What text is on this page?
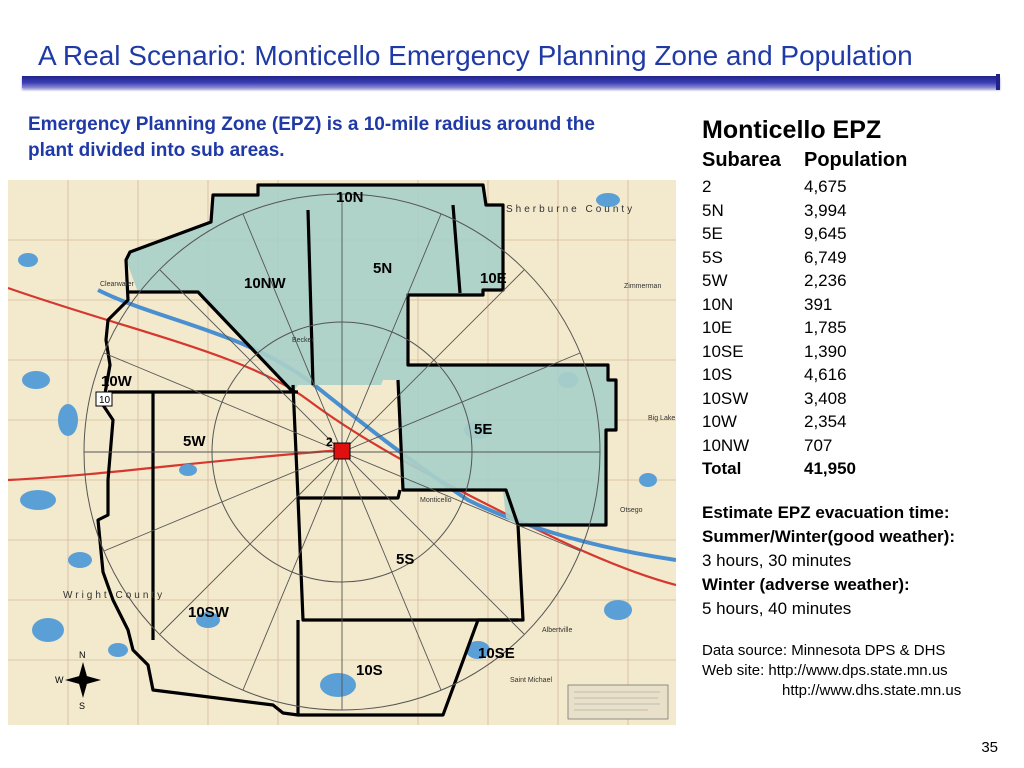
A Real Scenario: Monticello Emergency Planning Zone and Population
Emergency Planning Zone (EPZ) is a 10-mile radius around the plant divided into sub areas.
10N
5N
10NW	10E
10W
5W
5E
5S
10SW
10S
10SE
10
Sherburne County
Wright County
Clearwater
Becker
Monticello
Zimmerman
Big Lake
Albertville
Saint Michael
Otsego
2
N
S
W
Monticello EPZ
Subarea	Population
2	4,675
5N	3,994
5E	9,645
5S	6,749
5W	2,236
10N	391
10E	1,785
10SE	1,390
10S	4,616
10SW	3,408
10W	2,354
10NW	707
Total	41,950
Estimate EPZ evacuation time:
Summer/Winter(good weather):
3 hours, 30 minutes
Winter (adverse weather):
5 hours, 40 minutes
Data source: Minnesota DPS & DHS
Web site: http://www.dps.state.mn.us
http://www.dhs.state.mn.us
35
